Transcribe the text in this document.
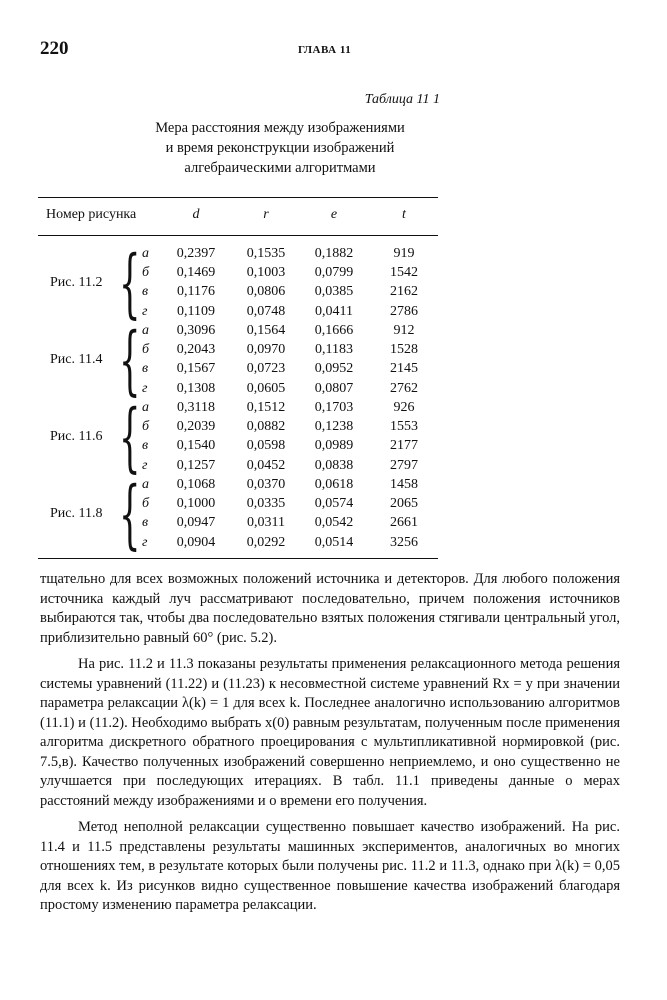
220	ГЛАВА 11
Таблица 11 1
Мера расстояния между изображениями
и время реконструкции изображений
алгебраическими алгоритмами
Номер рисунка	d	r	e	t
Рис. 11.2 { а	0,2397	0,1535	0,1882	919
б	0,1469	0,1003	0,0799	1542
в	0,1176	0,0806	0,0385	2162
г	0,1109	0,0748	0,0411	2786
Рис. 11.4 { а	0,3096	0,1564	0,1666	912
б	0,2043	0,0970	0,1183	1528
в	0,1567	0,0723	0,0952	2145
г	0,1308	0,0605	0,0807	2762
Рис. 11.6 { а	0,3118	0,1512	0,1703	926
б	0,2039	0,0882	0,1238	1553
в	0,1540	0,0598	0,0989	2177
г	0,1257	0,0452	0,0838	2797
Рис. 11.8 { а	0,1068	0,0370	0,0618	1458
б	0,1000	0,0335	0,0574	2065
в	0,0947	0,0311	0,0542	2661
г	0,0904	0,0292	0,0514	3256

тщательно для всех возможных положений источника и детекторов. Для любого положения источника каждый луч рассматривают последовательно, причем положения источников выбираются так, чтобы два последовательно взятых положения стягивали центральный угол, приблизительно равный 60° (рис. 5.2).

На рис. 11.2 и 11.3 показаны результаты применения релаксационного метода решения системы уравнений (11.22) и (11.23) к несовместной системе уравнений Rx = y при значении параметра релаксации λ(k) = 1 для всех k. Последнее аналогично использованию алгоритмов (11.1) и (11.2). Необходимо выбрать x(0) равным результатам, полученным после применения алгоритма дискретного обратного проецирования с мультипликативной нормировкой (рис. 7.5,в). Качество полученных изображений совершенно неприемлемо, и оно существенно не улучшается при последующих итерациях. В табл. 11.1 приведены данные о мерах расстояний между изображениями и о времени его получения.

Метод неполной релаксации существенно повышает качество изображений. На рис. 11.4 и 11.5 представлены результаты машинных экспериментов, аналогичных во многих отношениях тем, в результате которых были получены рис. 11.2 и 11.3, однако при λ(k) = 0,05 для всех k. Из рисунков видно существенное повышение качества изображений благодаря простому изменению параметра релаксации.
